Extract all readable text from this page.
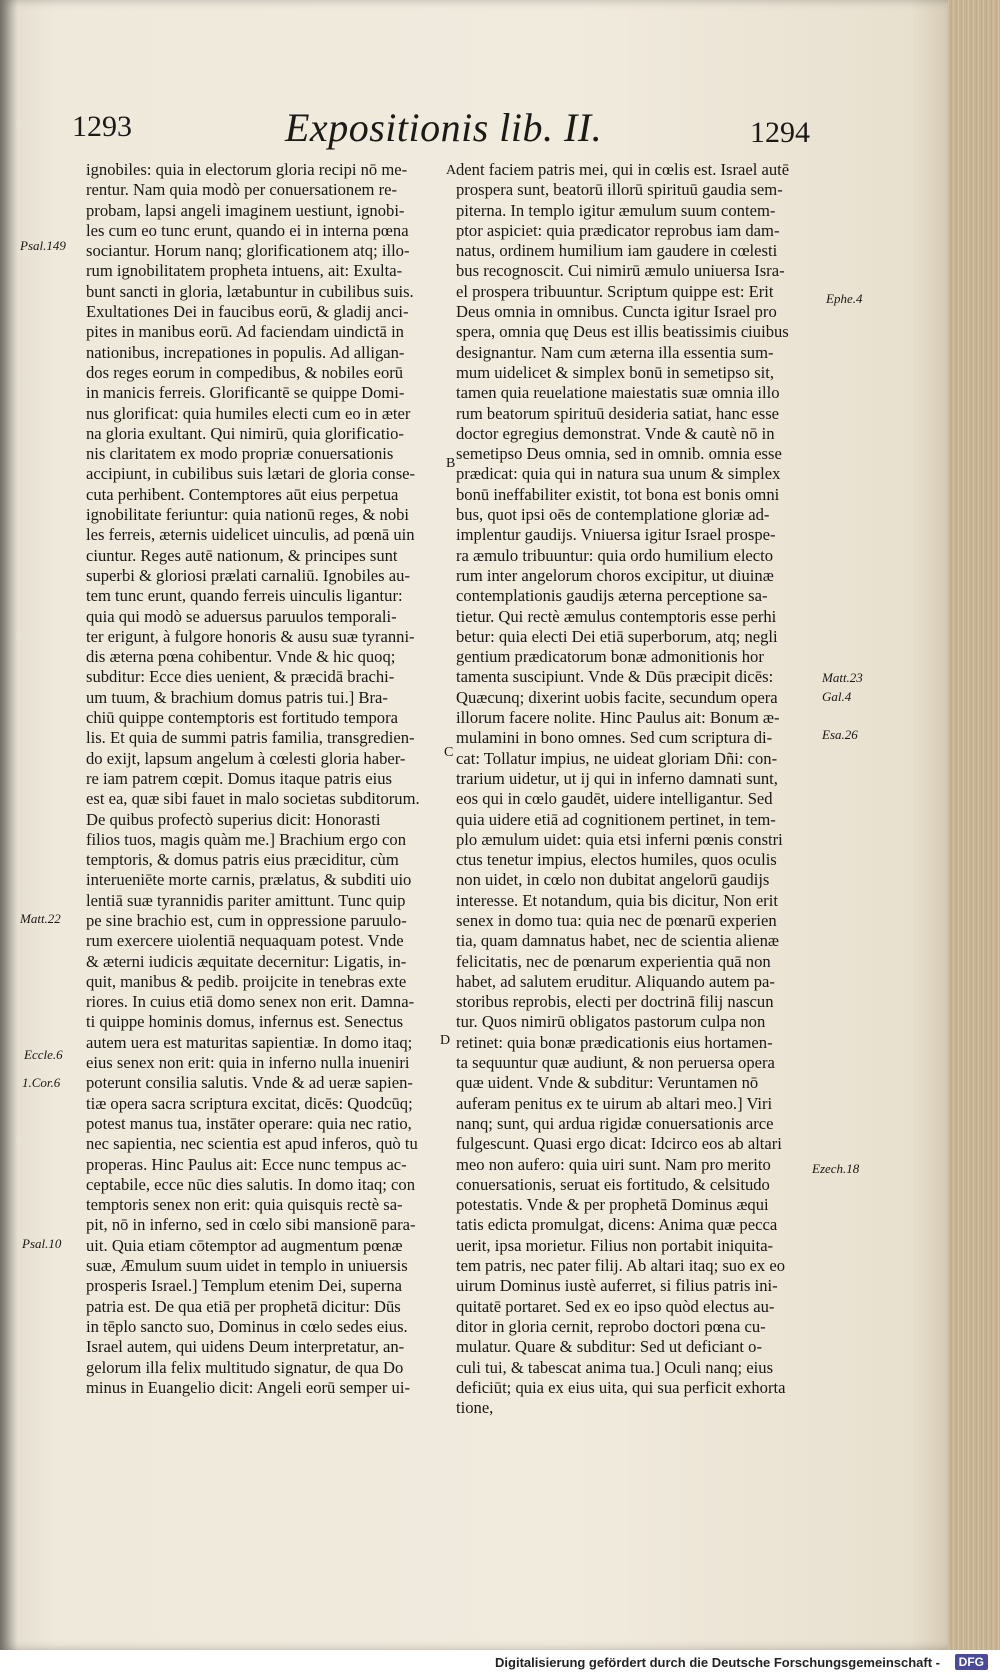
1293	Expositionis lib. II.	1294
ignobiles: quia in electorum gloria recipi nō me-
rentur. Nam quia modò per conuersationem re-
probam, lapsi angeli imaginem uestiunt, ignobi-
les cum eo tunc erunt, quando ei in interna pœna
sociantur. Horum nanq; glorificationem atq; illo-
rum ignobilitatem propheta intuens, ait: Exulta-
bunt sancti in gloria, lætabuntur in cubilibus suis.
Exultationes Dei in faucibus eorū, & gladij anci-
pites in manibus eorū. Ad faciendam uindictā in
nationibus, increpationes in populis. Ad alligan-
dos reges eorum in compedibus, & nobiles eorū
in manicis ferreis. Glorificantē se quippe Domi-
nus glorificat: quia humiles electi cum eo in æter
na gloria exultant. Qui nimirū, quia glorificatio-
nis claritatem ex modo propriæ conuersationis
accipiunt, in cubilibus suis lætari de gloria conse-
cuta perhibent. Contemptores aūt eius perpetua
ignobilitate feriuntur: quia nationū reges, & nobi
les ferreis, æternis uidelicet uinculis, ad pœnā uin
ciuntur. Reges autē nationum, & principes sunt
superbi & gloriosi prælati carnaliū. Ignobiles au-
tem tunc erunt, quando ferreis uinculis ligantur:
quia qui modò se aduersus paruulos temporali-
ter erigunt, à fulgore honoris & ausu suæ tyranni-
dis æterna pœna cohibentur. Vnde & hic quoq;
subditur: Ecce dies uenient, & præcidā brachi-
um tuum, & brachium domus patris tui.] Bra-
chiū quippe contemptoris est fortitudo tempora
lis. Et quia de summi patris familia, transgredien-
do exijt, lapsum angelum à cœlesti gloria haber-
re iam patrem cœpit. Domus itaque patris eius
est ea, quæ sibi fauet in malo societas subditorum.
De quibus profectò superius dicit: Honorasti
filios tuos, magis quàm me.] Brachium ergo con
temptoris, & domus patris eius præciditur, cùm
interueniēte morte carnis, prælatus, & subditi uio
lentiā suæ tyrannidis pariter amittunt. Tunc quip
pe sine brachio est, cum in oppressione paruulo-
rum exercere uiolentiā nequaquam potest. Vnde
& æterni iudicis æquitate decernitur: Ligatis, in-
quit, manibus & pedib. proijcite in tenebras exte
riores. In cuius etiā domo senex non erit. Damna-
ti quippe hominis domus, infernus est. Senectus
autem uera est maturitas sapientiæ. In domo itaq;
eius senex non erit: quia in inferno nulla inueniri
poterunt consilia salutis. Vnde & ad ueræ sapien-
tiæ opera sacra scriptura excitat, dicēs: Quodcūq;
potest manus tua, instāter operare: quia nec ratio,
nec sapientia, nec scientia est apud inferos, quò tu
properas. Hinc Paulus ait: Ecce nunc tempus ac-
ceptabile, ecce nūc dies salutis. In domo itaq; con
temptoris senex non erit: quia quisquis rectè sa-
pit, nō in inferno, sed in cœlo sibi mansionē para-
uit. Quia etiam cōtemptor ad augmentum pœnæ
suæ, Æmulum suum uidet in templo in uniuersis
prosperis Israel.] Templum etenim Dei, superna
patria est. De qua etiā per prophetā dicitur: Dūs
in tēplo sancto suo, Dominus in cœlo sedes eius.
Israel autem, qui uidens Deum interpretatur, an-
gelorum illa felix multitudo signatur, de qua Do
minus in Euangelio dicit: Angeli eorū semper ui-
dent faciem patris mei, qui in cœlis est. Israel autē
prospera sunt, beatorū illorū spirituū gaudia sem-
piterna. In templo igitur æmulum suum contem-
ptor aspiciet: quia prædicator reprobus iam dam-
natus, ordinem humilium iam gaudere in cœlesti
bus recognoscit. Cui nimirū æmulo uniuersa Isra-
el prospera tribuuntur. Scriptum quippe est: Erit
Deus omnia in omnibus. Cuncta igitur Israel pro
spera, omnia quę Deus est illis beatissimis ciuibus
designantur. Nam cum æterna illa essentia sum-
mum uidelicet & simplex bonū in semetipso sit,
tamen quia reuelatione maiestatis suæ omnia illo
rum beatorum spirituū desideria satiat, hanc esse
doctor egregius demonstrat. Vnde & cautè nō in
semetipso Deus omnia, sed in omnib. omnia esse
prædicat: quia qui in natura sua unum & simplex
bonū ineffabiliter existit, tot bona est bonis omni
bus, quot ipsi oēs de contemplatione gloriæ ad-
implentur gaudijs. Vniuersa igitur Israel prospe-
ra æmulo tribuuntur: quia ordo humilium electo
rum inter angelorum choros excipitur, ut diuinæ
contemplationis gaudijs æterna perceptione sa-
tietur. Qui rectè æmulus contemptoris esse perhi
betur: quia electi Dei etiā superborum, atq; negli
gentium prædicatorum bonæ admonitionis hor
tamenta suscipiunt. Vnde & Dūs præcipit dicēs:
Quæcunq; dixerint uobis facite, secundum opera
illorum facere nolite. Hinc Paulus ait: Bonum æ-
mulamini in bono omnes. Sed cum scriptura di-
cat: Tollatur impius, ne uideat gloriam Dñi: con-
trarium uidetur, ut ij qui in inferno damnati sunt,
eos qui in cœlo gaudēt, uidere intelligantur. Sed
quia uidere etiā ad cognitionem pertinet, in tem-
plo æmulum uidet: quia etsi inferni pœnis constri
ctus tenetur impius, electos humiles, quos oculis
non uidet, in cœlo non dubitat angelorū gaudijs
interesse. Et notandum, quia bis dicitur, Non erit
senex in domo tua: quia nec de pœnarū experien
tia, quam damnatus habet, nec de scientia alienæ
felicitatis, nec de pœnarum experientia quā non
habet, ad salutem eruditur. Aliquando autem pa-
storibus reprobis, electi per doctrinā filij nascun
tur. Quos nimirū obligatos pastorum culpa non
retinet: quia bonæ prædicationis eius hortamen-
ta sequuntur quæ audiunt, & non peruersa opera
quæ uident. Vnde & subditur: Veruntamen nō
auferam penitus ex te uirum ab altari meo.] Viri
nanq; sunt, qui ardua rigidæ conuersationis arce
fulgescunt. Quasi ergo dicat: Idcirco eos ab altari
meo non aufero: quia uiri sunt. Nam pro merito
conuersationis, seruat eis fortitudo, & celsitudo
potestatis. Vnde & per prophetā Dominus æqui
tatis edicta promulgat, dicens: Anima quæ pecca
uerit, ipsa morietur. Filius non portabit iniquita-
tem patris, nec pater filij. Ab altari itaq; suo ex eo
uirum Dominus iustè auferret, si filius patris ini-
quitatē portaret. Sed ex eo ipso quòd electus au-
ditor in gloria cernit, reprobo doctori pœna cu-
mulatur. Quare & subditur: Sed ut deficiant o-
culi tui, & tabescat anima tua.] Oculi nanq; eius
deficiūt; quia ex eius uita, qui sua perficit exhorta
tione,
Psal.149
Matt.22
Eccle.6
1.Cor.6
Psal.10
Ephe.4
Matt.23
Gal.4
Esa.26
Ezech.18
A
B
C
D
Digitalisierung gefördert durch die Deutsche Forschungsgemeinschaft -	DFG
